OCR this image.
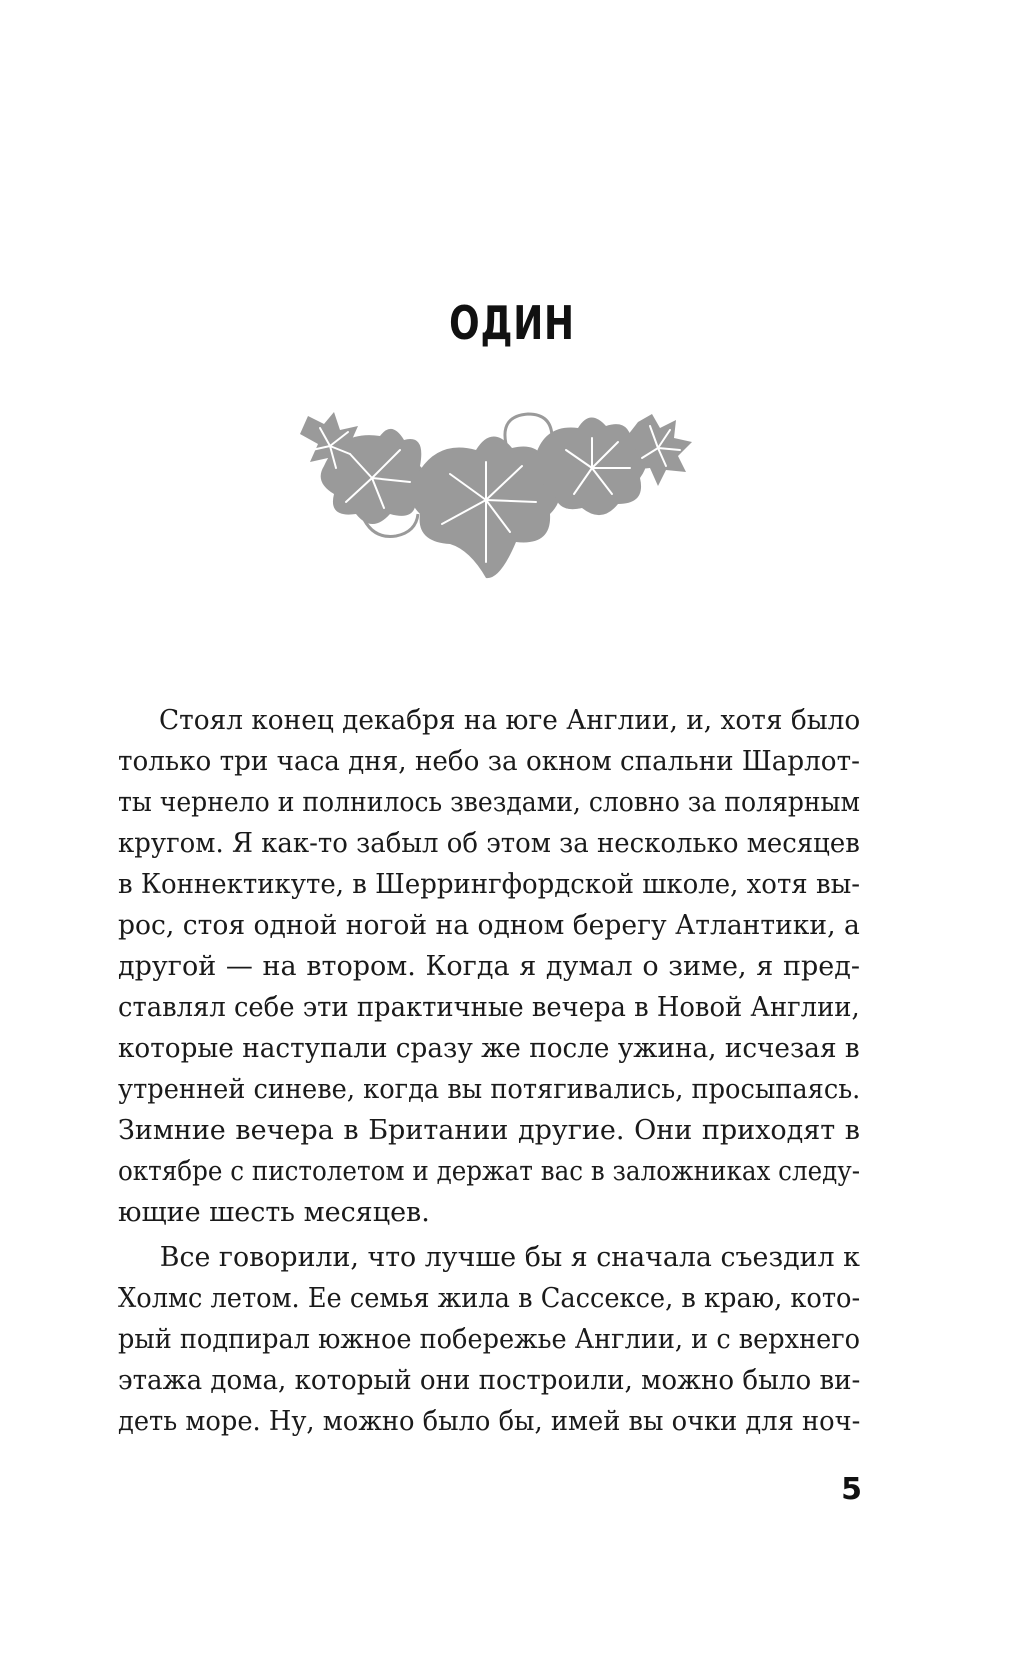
ОДИН
Стоял конец декабря на юге Англии, и, хотя было
только три часа дня, небо за окном спальни Шарлот-
ты чернело и полнилось звездами, словно за полярным
кругом. Я как-то забыл об этом за несколько месяцев
в Коннектикуте, в Шеррингфордской школе, хотя вы-
рос, стоя одной ногой на одном берегу Атлантики, а
другой — на втором. Когда я думал о зиме, я пред-
ставлял себе эти практичные вечера в Новой Англии,
которые наступали сразу же после ужина, исчезая в
утренней синеве, когда вы потягивались, просыпаясь.
Зимние вечера в Британии другие. Они приходят в
октябре с пистолетом и держат вас в заложниках следу-
ющие шесть месяцев.
Все говорили, что лучше бы я сначала съездил к
Холмс летом. Ее семья жила в Сассексе, в краю, кото-
рый подпирал южное побережье Англии, и с верхнего
этажа дома, который они построили, можно было ви-
деть море. Ну, можно было бы, имей вы очки для ноч-
5
